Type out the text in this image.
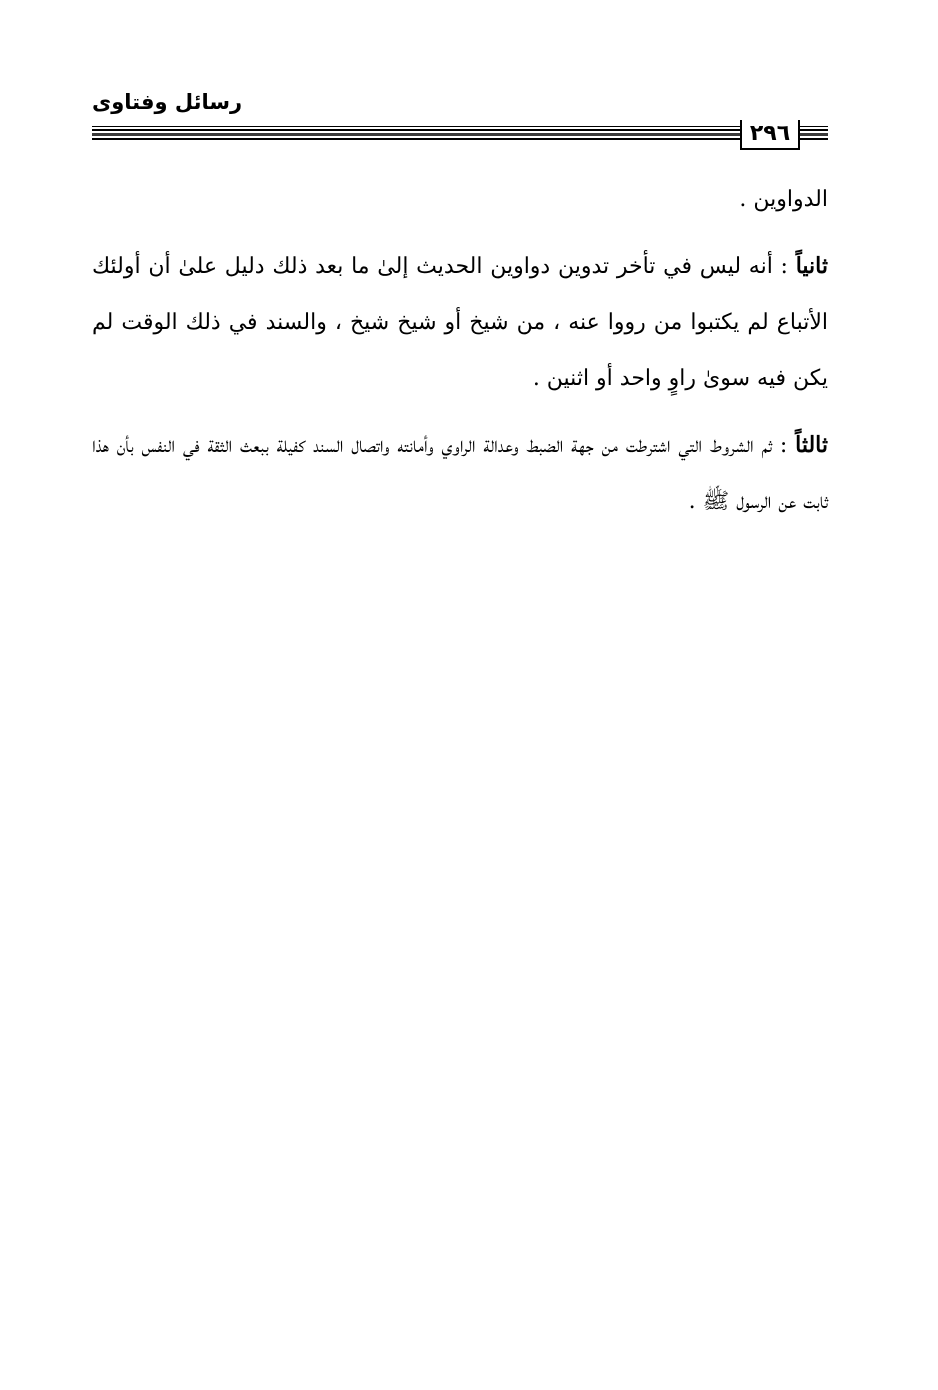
رسائل وفتاوى
٢٩٦

الدواوين .

ثانياً : أنه ليس في تأخر تدوين دواوين الحديث إلىٰ ما بعد ذلك دليل علىٰ أن أولئك الأتباع لم يكتبوا من رووا عنه ، من شيخ أو شيخ شيخ ، والسند في ذلك الوقت لم يكن فيه سوىٰ راوٍ واحد أو اثنين .

ثالثاً : ثم الشروط التي اشترطت من جهة الضبط وعدالة الراوي وأمانته واتصال السند كفيلة ببعث الثقة في النفس بأن هذا ثابت عن الرسول ﷺ .
